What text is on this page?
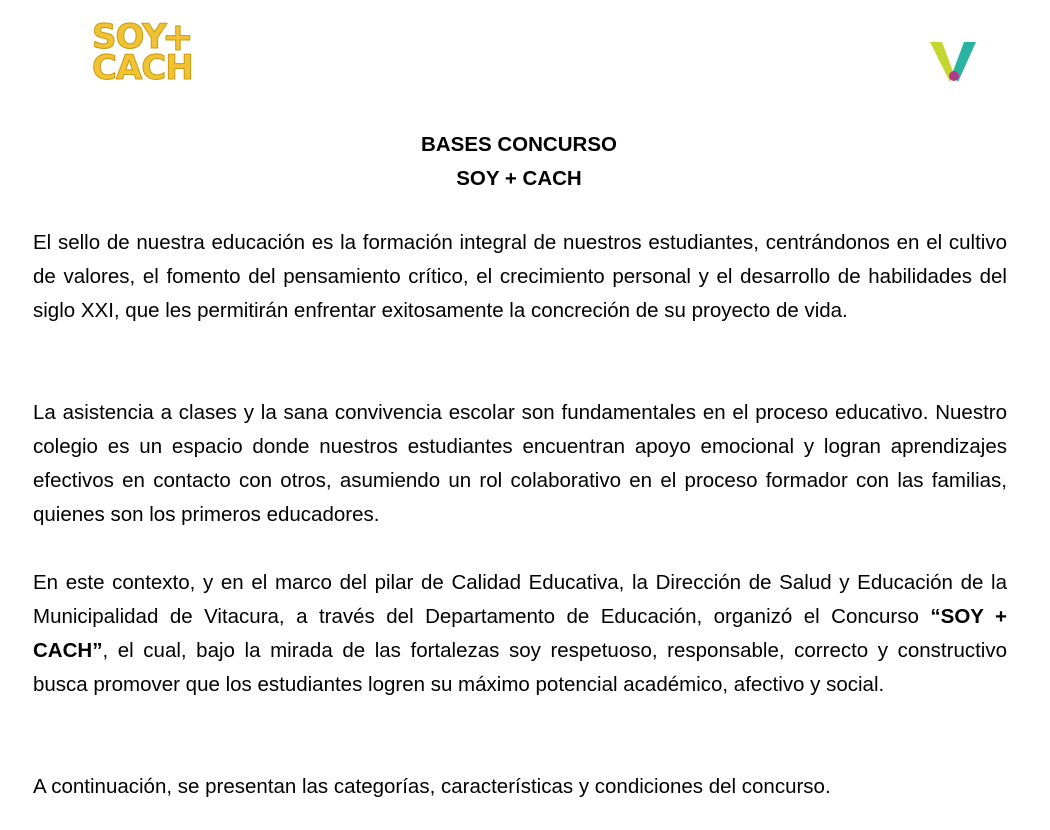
SOY
+
CACH
BASES CONCURSO
SOY + CACH

El sello de nuestra educación es la formación integral de nuestros estudiantes, centrándonos en el cultivo de valores, el fomento del pensamiento crítico, el crecimiento personal y el desarrollo de habilidades del siglo XXI, que les permitirán enfrentar exitosamente la concreción de su proyecto de vida.

La asistencia a clases y la sana convivencia escolar son fundamentales en el proceso educativo. Nuestro colegio es un espacio donde nuestros estudiantes encuentran apoyo emocional y logran aprendizajes efectivos en contacto con otros, asumiendo un rol colaborativo en el proceso formador con las familias, quienes son los primeros educadores.

En este contexto, y en el marco del pilar de Calidad Educativa, la Dirección de Salud y Educación de la Municipalidad de Vitacura, a través del Departamento de Educación, organizó el Concurso “SOY + CACH”, el cual, bajo la mirada de las fortalezas soy respetuoso, responsable, correcto y constructivo busca promover que los estudiantes logren su máximo potencial académico, afectivo y social.

A continuación, se presentan las categorías, características y condiciones del concurso.
